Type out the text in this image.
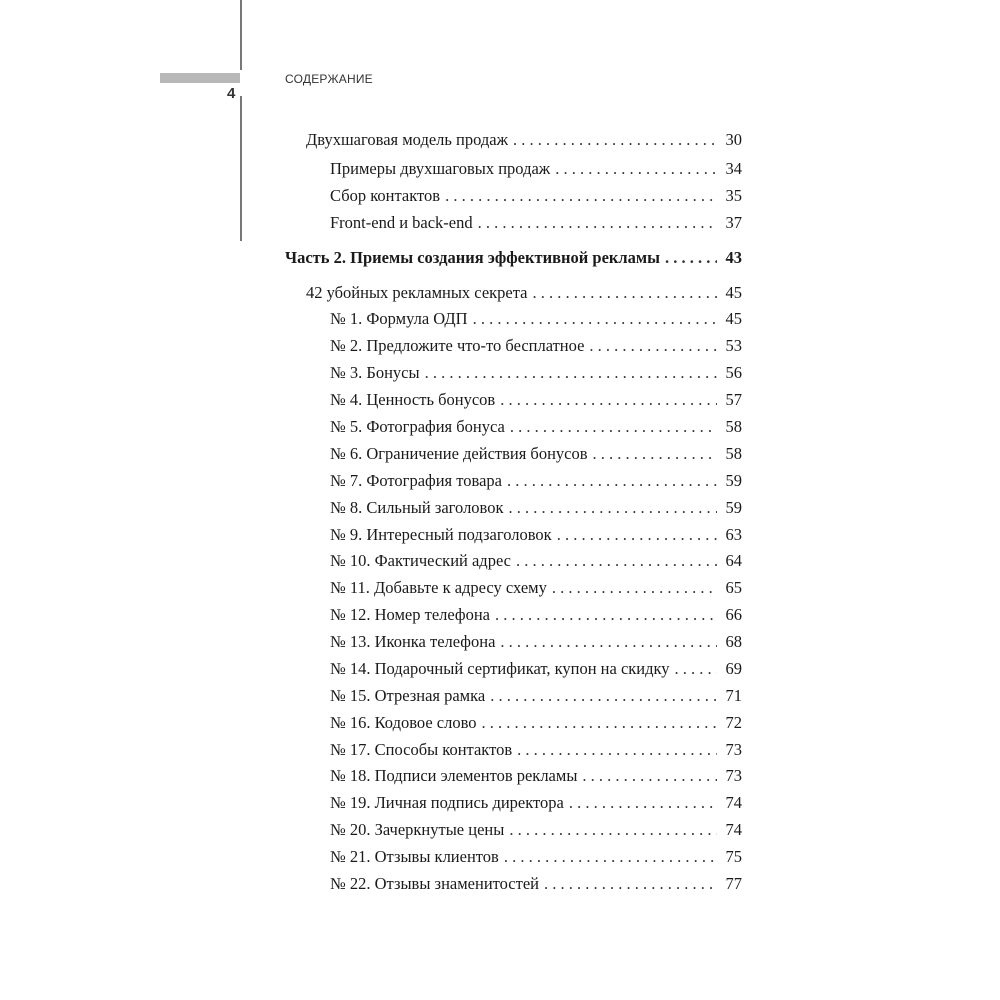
4
СОДЕРЖАНИЕ
Двухшаговая модель продаж . . .	30
Примеры двухшаговых продаж . . .	34
Сбор контактов . . .	35
Front-end и back-end . . .	37
Часть 2. Приемы создания эффективной рекламы . . .	43
42 убойных рекламных секрета . . .	45
№ 1. Формула ОДП . . .	45
№ 2. Предложите что-то бесплатное . . .	53
№ 3. Бонусы . . .	56
№ 4. Ценность бонусов . . .	57
№ 5. Фотография бонуса . . .	58
№ 6. Ограничение действия бонусов . . .	58
№ 7. Фотография товара . . .	59
№ 8. Сильный заголовок . . .	59
№ 9. Интересный подзаголовок . . .	63
№ 10. Фактический адрес . . .	64
№ 11. Добавьте к адресу схему . . .	65
№ 12. Номер телефона . . .	66
№ 13. Иконка телефона . . .	68
№ 14. Подарочный сертификат, купон на скидку . . .	69
№ 15. Отрезная рамка . . .	71
№ 16. Кодовое слово . . .	72
№ 17. Способы контактов . . .	73
№ 18. Подписи элементов рекламы . . .	73
№ 19. Личная подпись директора . . .	74
№ 20. Зачеркнутые цены . . .	74
№ 21. Отзывы клиентов . . .	75
№ 22. Отзывы знаменитостей . . .	77
